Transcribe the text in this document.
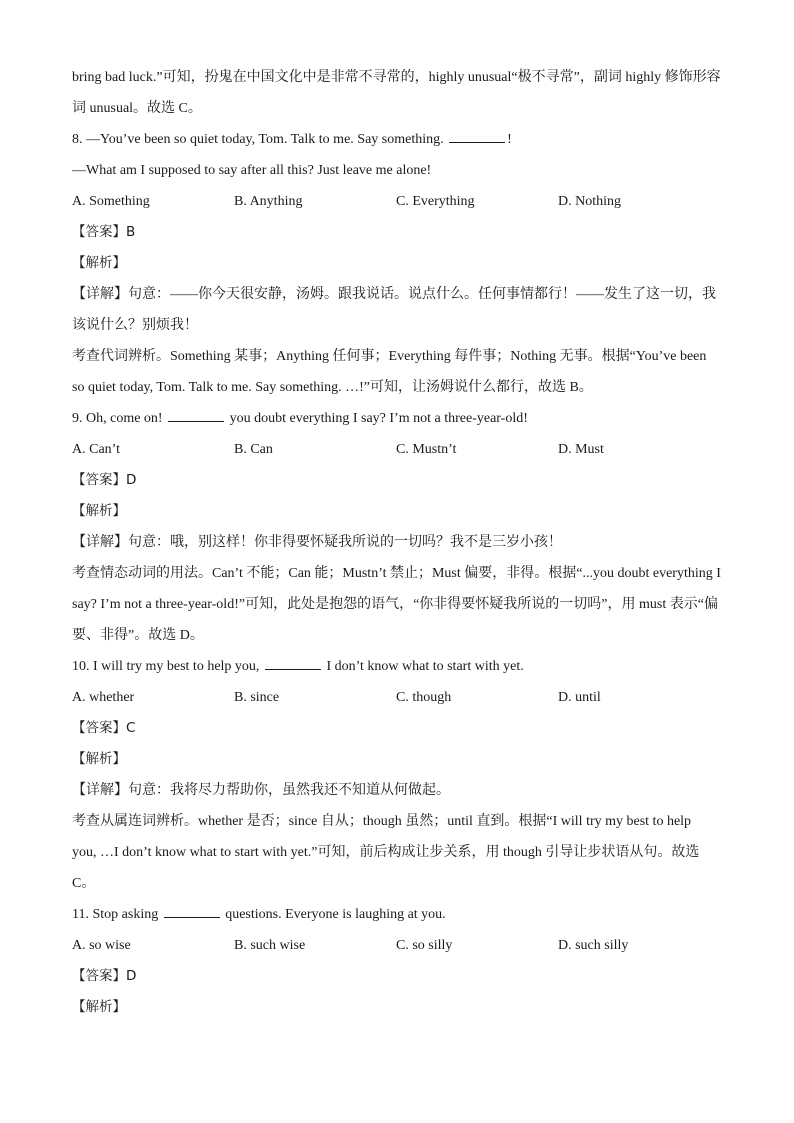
bring bad luck.”可知，扮鬼在中国文化中是非常不寻常的，highly unusual“极不寻常”，副词 highly 修饰形容
词 unusual。故选 C。
8. —You’ve been so quiet today, Tom. Talk to me. Say something.	!
—What am I supposed to say after all this? Just leave me alone!
A. Something	B. Anything	C. Everything	D. Nothing
【答案】B
【解析】
【详解】句意：——你今天很安静，汤姆。跟我说话。说点什么。任何事情都行！——发生了这一切，我
该说什么？别烦我！
考查代词辨析。Something 某事；Anything 任何事；Everything 每件事；Nothing 无事。根据“You’ve been
so quiet today, Tom. Talk to me. Say something. …!”可知，让汤姆说什么都行，故选 B。
9. Oh, come on!	you doubt everything I say? I’m not a three-year-old!
A. Can’t	B. Can	C. Mustn’t	D. Must
【答案】D
【解析】
【详解】句意：哦，别这样！你非得要怀疑我所说的一切吗？我不是三岁小孩！
考查情态动词的用法。Can’t 不能；Can 能；Mustn’t 禁止；Must 偏要，非得。根据“...you doubt everything I
say? I’m not a three-year-old!”可知，此处是抱怨的语气，“你非得要怀疑我所说的一切吗”，用 must 表示“偏
要、非得”。故选 D。
10. I will try my best to help you,	I don’t know what to start with yet.
A. whether	B. since	C. though	D. until
【答案】C
【解析】
【详解】句意：我将尽力帮助你，虽然我还不知道从何做起。
考查从属连词辨析。whether 是否；since 自从；though 虽然；until 直到。根据“I will try my best to help
you, …I don’t know what to start with yet.”可知，前后构成让步关系，用 though 引导让步状语从句。故选
C。
11. Stop asking	questions. Everyone is laughing at you.
A. so wise	B. such wise	C. so silly	D. such silly
【答案】D
【解析】
